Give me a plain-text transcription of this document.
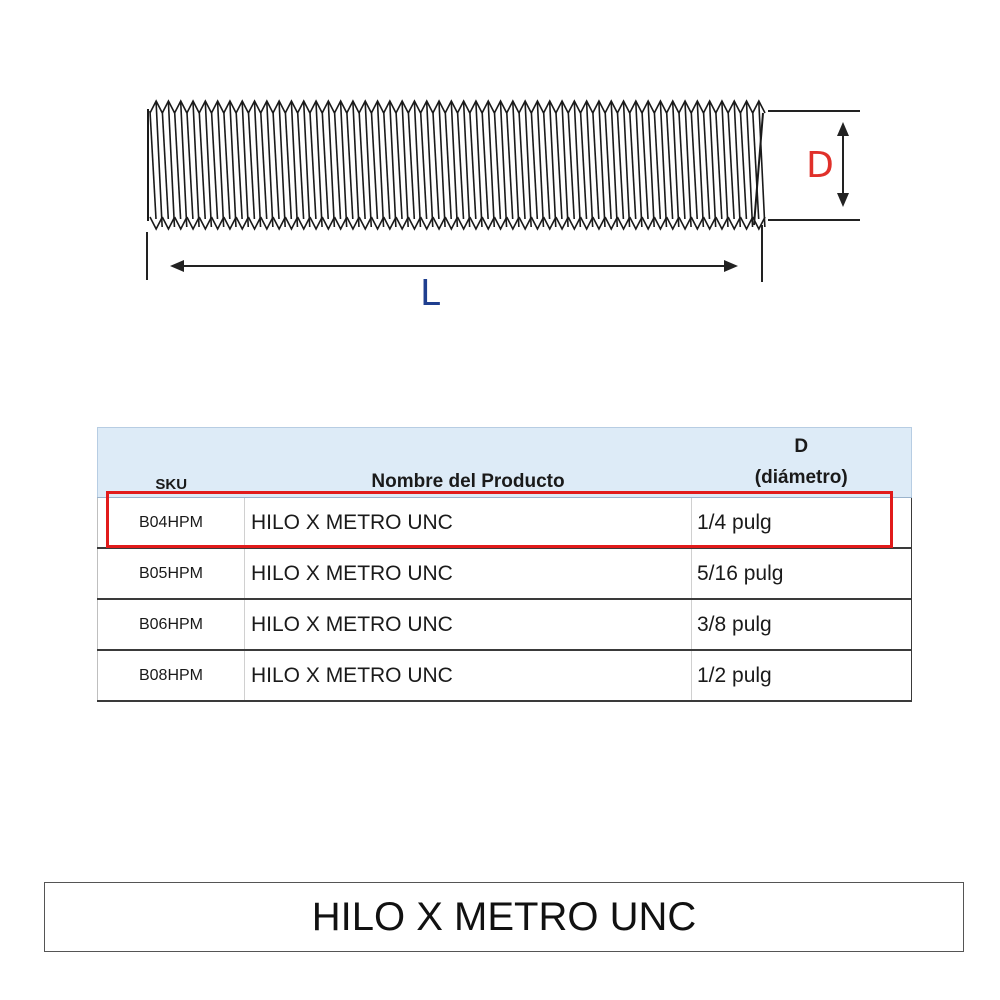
L
D
SKU	Nombre del Producto	D
(diámetro)

B04HPM	HILO X METRO UNC	1/4 pulg
B05HPM	HILO X METRO UNC	5/16 pulg
B06HPM	HILO X METRO UNC	3/8 pulg
B08HPM	HILO X METRO UNC	1/2 pulg
HILO X METRO UNC
